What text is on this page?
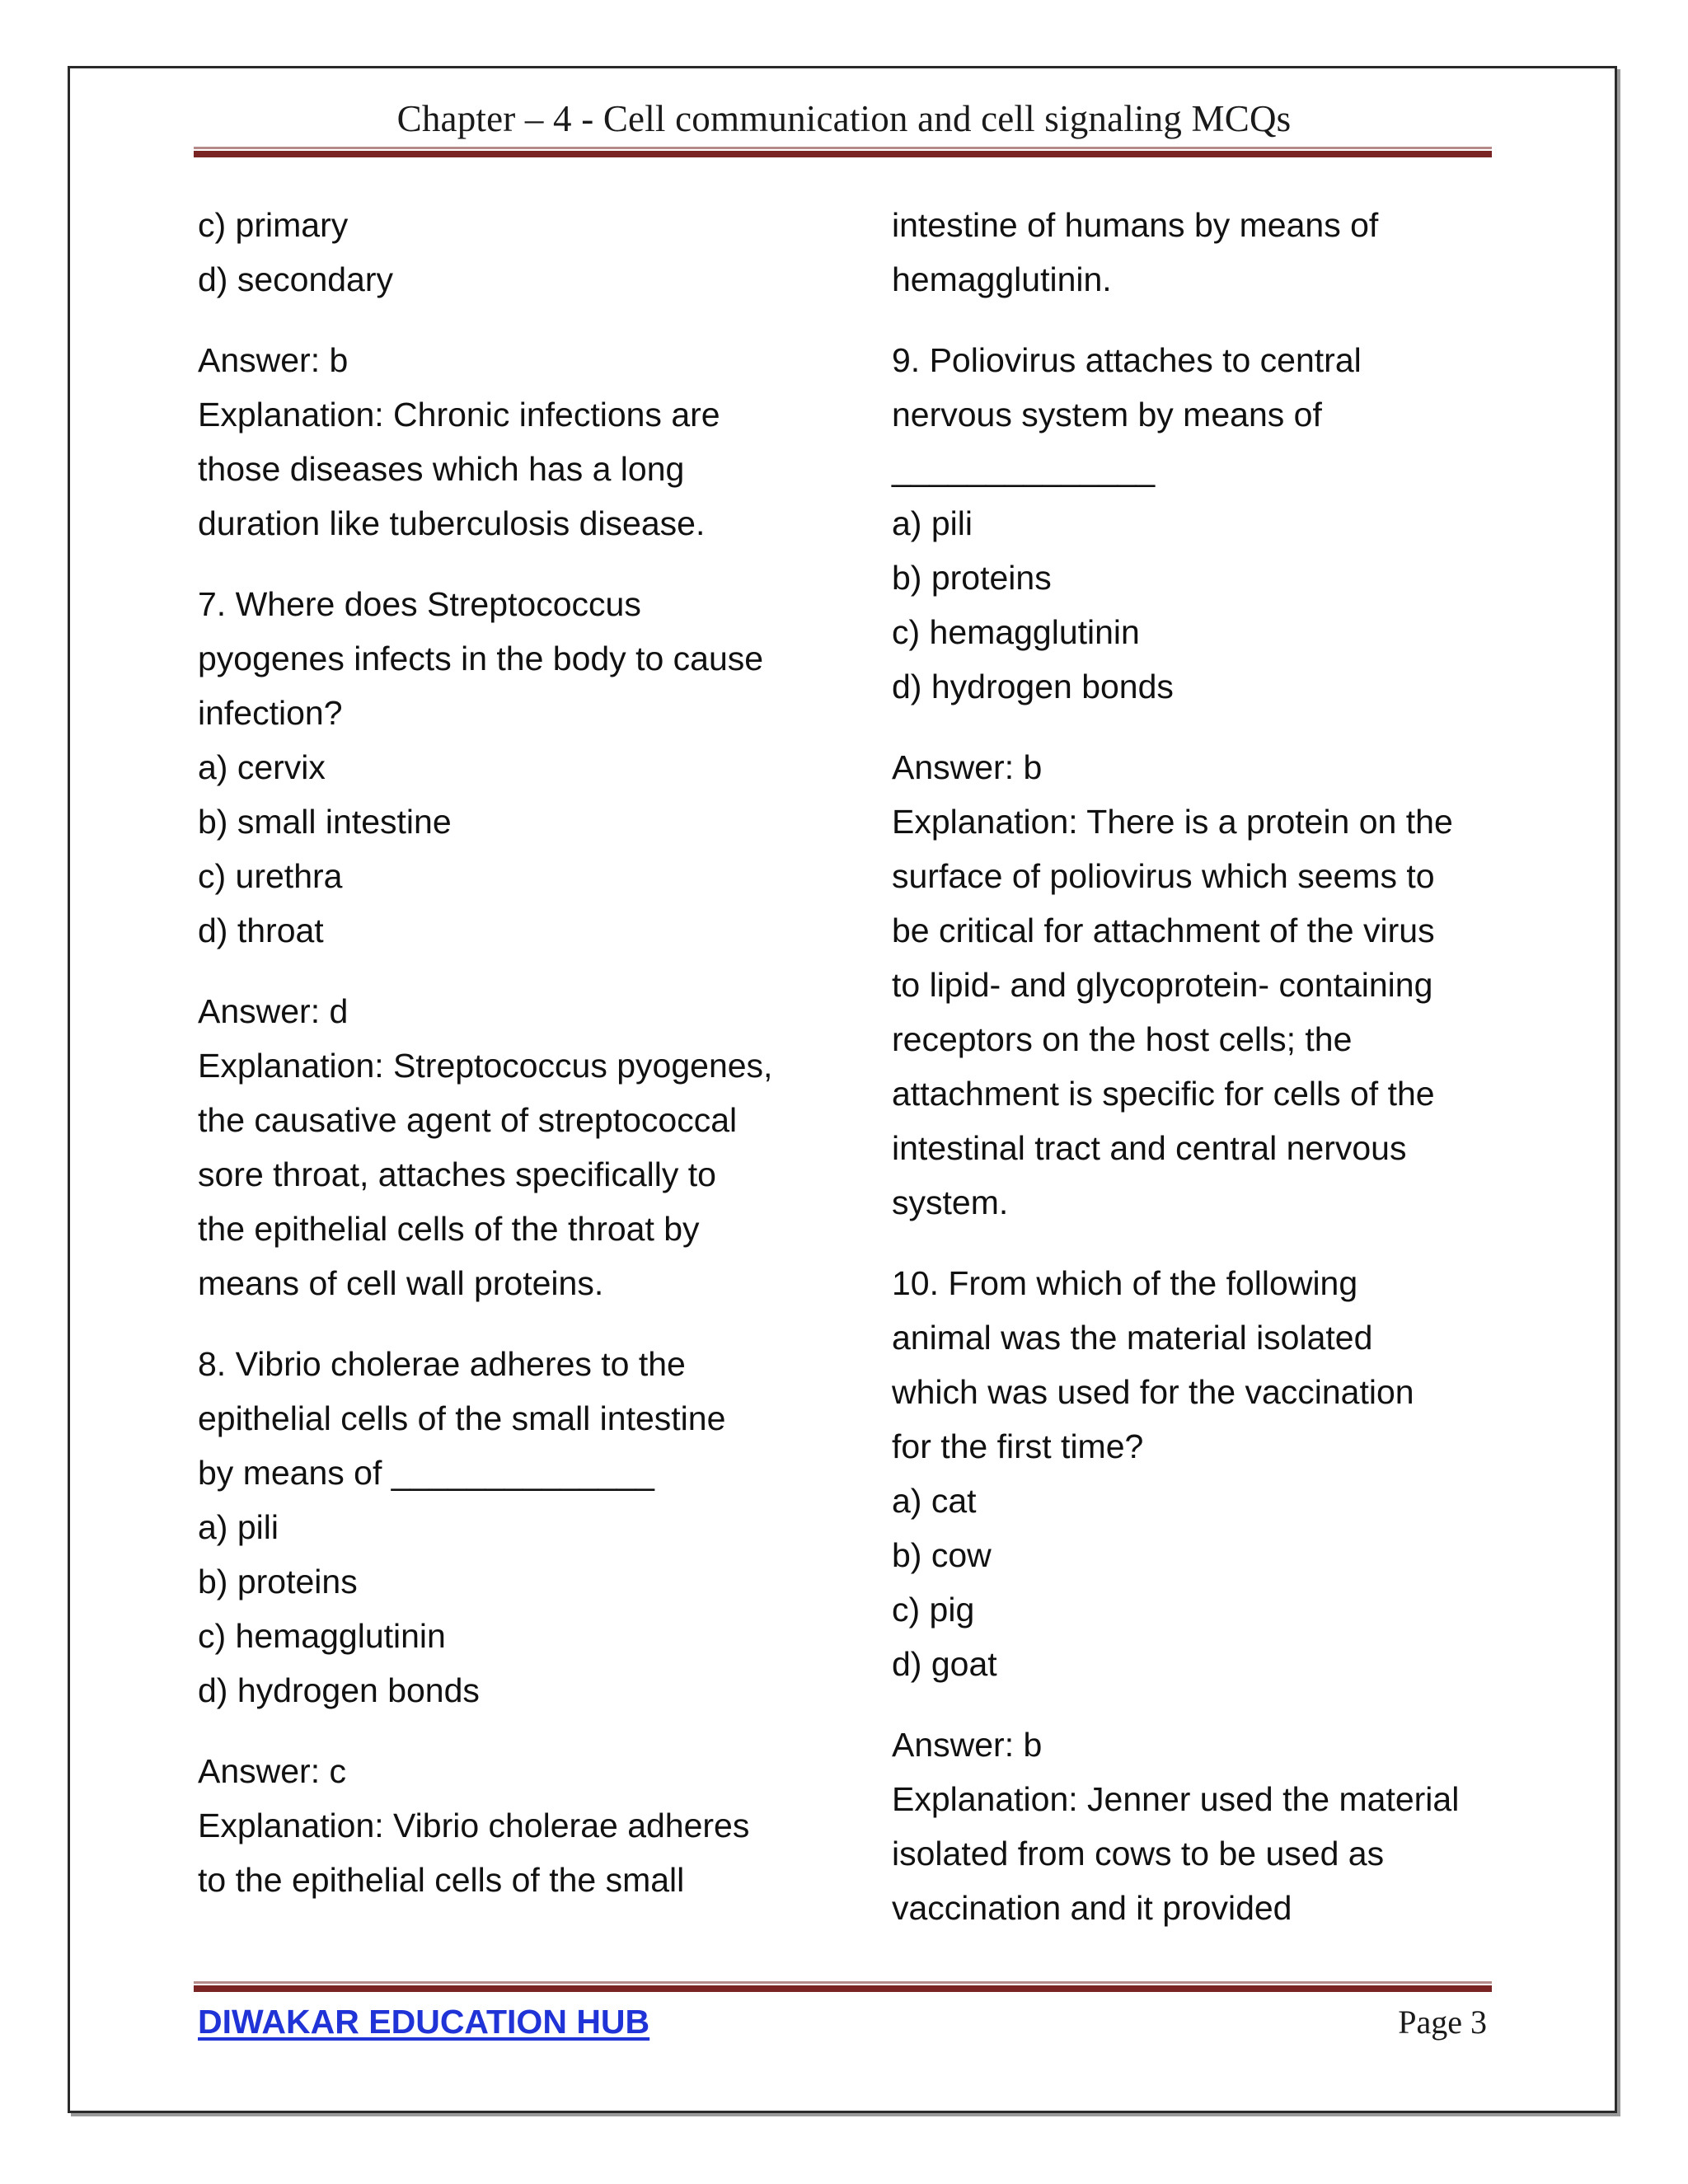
Chapter – 4 - Cell communication and cell signaling MCQs

c) primary

d) secondary

Answer: b

Explanation: Chronic infections are

those diseases which has a long

duration like tuberculosis disease.

7. Where does Streptococcus

pyogenes infects in the body to cause

infection?

a) cervix

b) small intestine

c) urethra

d) throat

Answer: d

Explanation: Streptococcus pyogenes,

the causative agent of streptococcal

sore throat, attaches specifically to

the epithelial cells of the throat by

means of cell wall proteins.

8. Vibrio cholerae adheres to the

epithelial cells of the small intestine

by means of ______________

a) pili

b) proteins

c) hemagglutinin

d) hydrogen bonds

Answer: c

Explanation: Vibrio cholerae adheres

to the epithelial cells of the small

intestine of humans by means of

hemagglutinin.

9. Poliovirus attaches to central

nervous system by means of

______________

a) pili

b) proteins

c) hemagglutinin

d) hydrogen bonds

Answer: b

Explanation: There is a protein on the

surface of poliovirus which seems to

be critical for attachment of the virus

to lipid- and glycoprotein- containing

receptors on the host cells; the

attachment is specific for cells of the

intestinal tract and central nervous

system.

10. From which of the following

animal was the material isolated

which was used for the vaccination

for the first time?

a) cat

b) cow

c) pig

d) goat

Answer: b

Explanation: Jenner used the material

isolated from cows to be used as

vaccination and it provided

DIWAKAR EDUCATION HUB	Page 3
